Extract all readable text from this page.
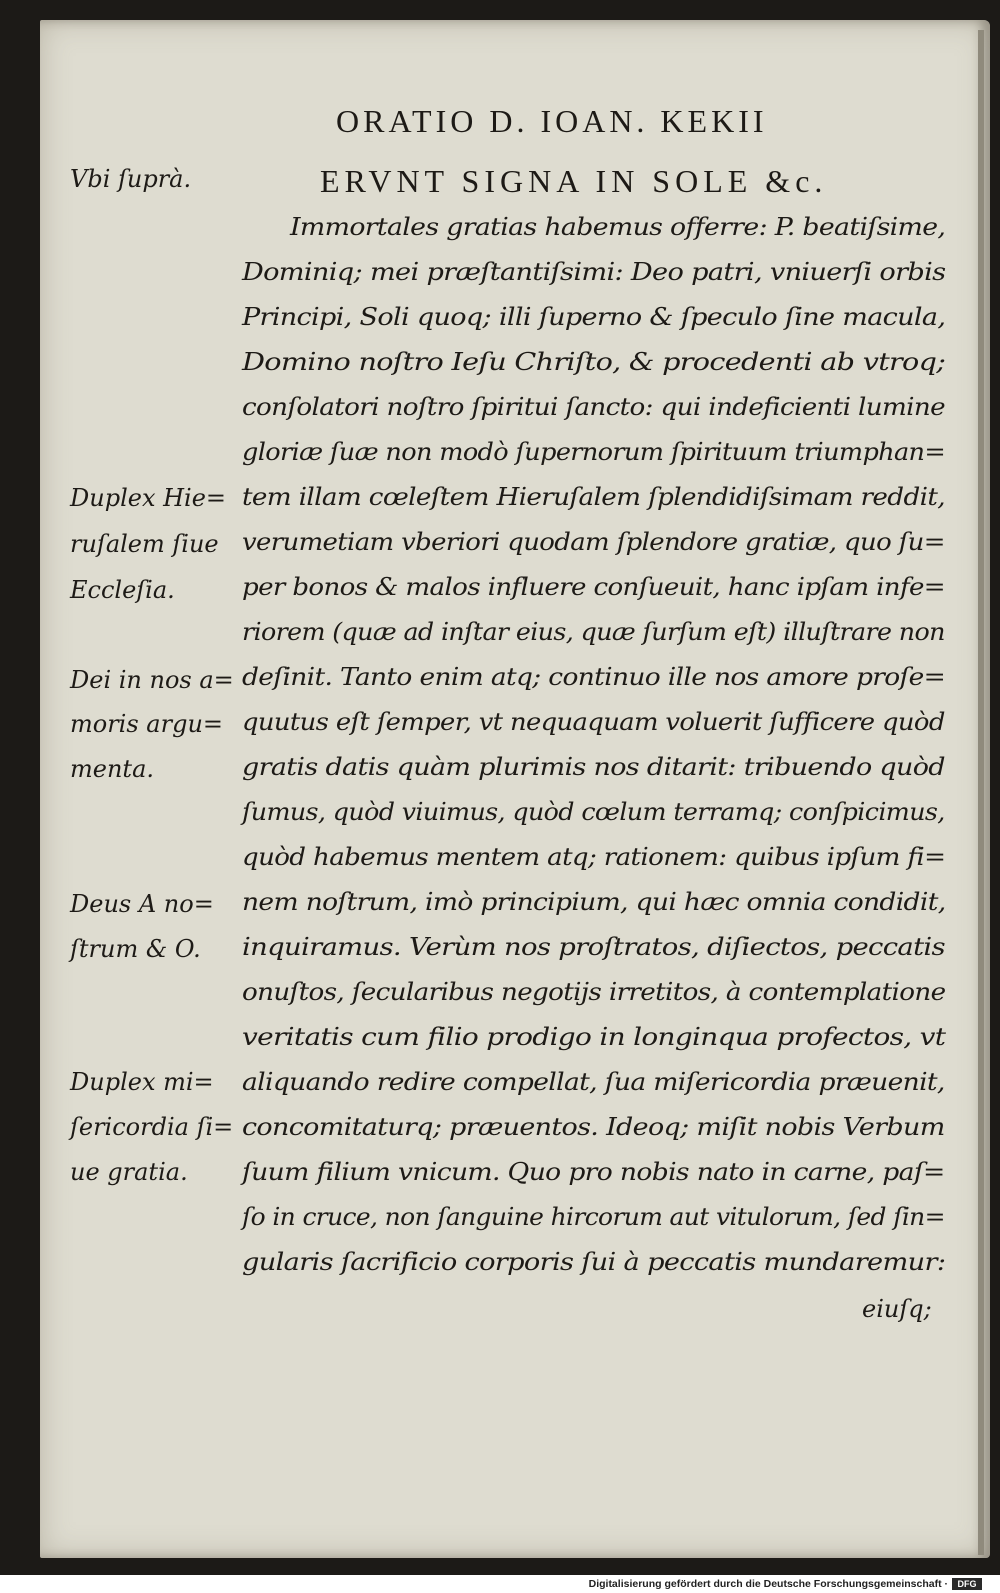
ORATIO D. IOAN. KEKII
ERVNT SIGNA IN SOLE &c.
Vbi ſuprà.
Duplex Hie=
ruſalem ſiue
Eccleſia.
Dei in nos a=
moris argu=
menta.
Deus A no=
ſtrum & O.
Duplex mi=
ſericordia ſi=
ue gratia.
Immortales gratias habemus offerre: P. beatiſsime,
Dominiq; mei præſtantiſsimi: Deo patri, vniuerſi orbis
Principi, Soli quoq; illi ſuperno & ſpeculo ſine macula,
Domino noſtro Ieſu Chriſto, & procedenti ab vtroq;
conſolatori noſtro ſpiritui ſancto: qui indeficienti lumine
gloriæ ſuæ non modò ſupernorum ſpirituum triumphan=
tem illam cœleſtem Hieruſalem ſplendidiſsimam reddit,
verumetiam vberiori quodam ſplendore gratiæ, quo ſu=
per bonos & malos influere conſueuit, hanc ipſam infe=
riorem (quæ ad inſtar eius, quæ ſurſum eſt) illuſtrare non
deſinit. Tanto enim atq; continuo ille nos amore proſe=
quutus eſt ſemper, vt nequaquam voluerit ſufficere quòd
gratis datis quàm plurimis nos ditarit: tribuendo quòd
ſumus, quòd viuimus, quòd cœlum terramq; conſpicimus,
quòd habemus mentem atq; rationem: quibus ipſum fi=
nem noſtrum, imò principium, qui hæc omnia condidit,
inquiramus. Verùm nos proſtratos, diſiectos, peccatis
onuſtos, ſecularibus negotijs irretitos, à contemplatione
veritatis cum filio prodigo in longinqua profectos, vt
aliquando redire compellat, ſua miſericordia præuenit,
concomitaturq; præuentos. Ideoq; miſit nobis Verbum
ſuum filium vnicum. Quo pro nobis nato in carne, paſ=
ſo in cruce, non ſanguine hircorum aut vitulorum, ſed ſin=
gularis ſacrificio corporis ſui à peccatis mundaremur:
eiuſq;
Digitalisierung gefördert durch die Deutsche Forschungsgemeinschaft ·	DFG
